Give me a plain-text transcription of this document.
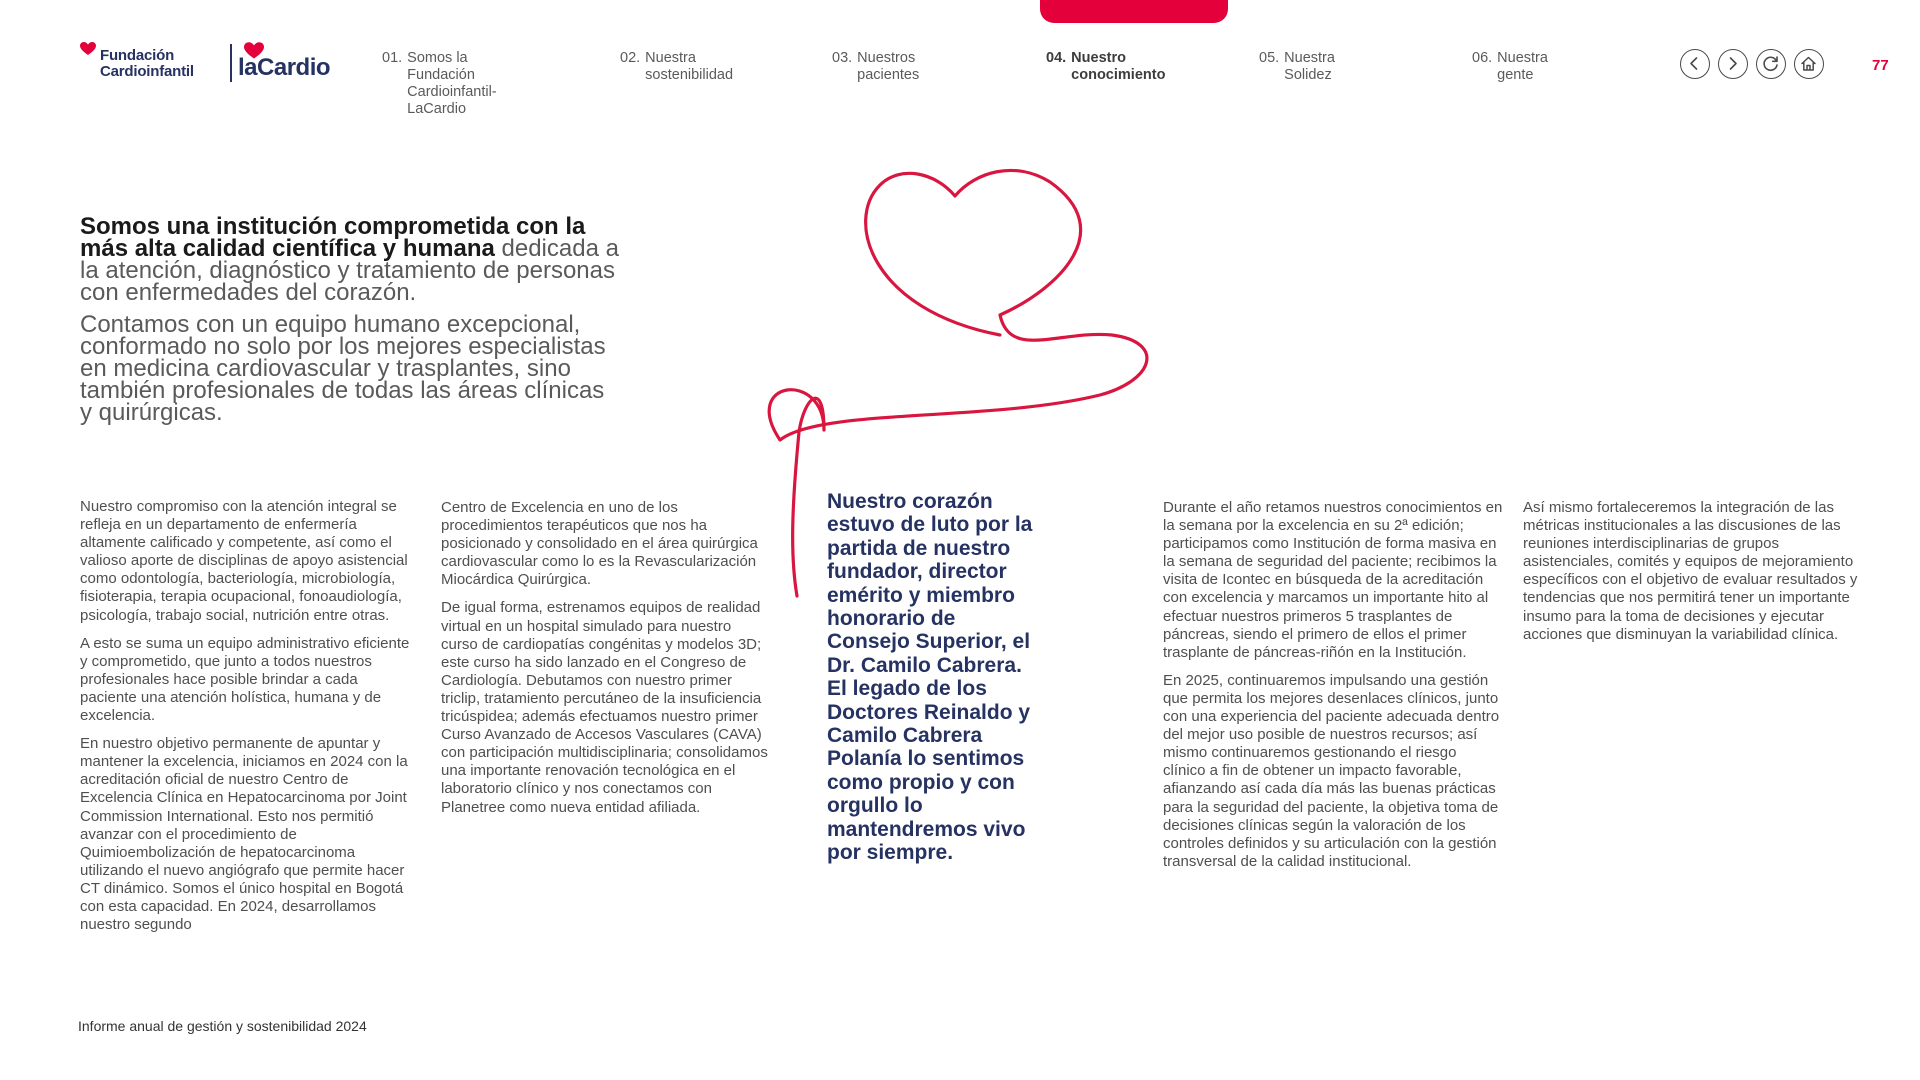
Fundación
Cardioinfantil laCardio	01. Somos la Fundación
Cardioinfantil-LaCardio
02. Nuestra sostenibilidad
03. Nuestros pacientes
04. Nuestro conocimiento
05. Nuestra Solidez
06. Nuestra gente
77

Somos una institución comprometida con la más alta calidad científica y humana dedicada a la atención, diagnóstico y tratamiento de personas con enfermedades del corazón.

Contamos con un equipo humano excepcional, conformado no solo por los mejores especialistas en medicina cardiovascular y trasplantes, sino también profesionales de todas las áreas clínicas y quirúrgicas.

Nuestro compromiso con la atención integral se refleja en un departamento de enfermería altamente calificado y competente, así como el valioso aporte de disciplinas de apoyo asistencial como odontología, bacteriología, microbiología, fisioterapia, terapia ocupacional, fonoaudiología, psicología, trabajo social, nutrición entre otras.

A esto se suma un equipo administrativo eficiente y comprometido, que junto a todos nuestros profesionales hace posible brindar a cada paciente una atención holística, humana y de excelencia.

En nuestro objetivo permanente de apuntar y mantener la excelencia, iniciamos en 2024 con la acreditación oficial de nuestro Centro de Excelencia Clínica en Hepatocarcinoma por Joint Commission International. Esto nos permitió avanzar con el procedimiento de Quimioembolización de hepatocarcinoma utilizando el nuevo angiógrafo que permite hacer CT dinámico. Somos el único hospital en Bogotá con esta capacidad. En 2024, desarrollamos nuestro segundo

Centro de Excelencia en uno de los procedimientos terapéuticos que nos ha posicionado y consolidado en el área quirúrgica cardiovascular como lo es la Revascularización Miocárdica Quirúrgica.

De igual forma, estrenamos equipos de realidad virtual en un hospital simulado para nuestro curso de cardiopatías congénitas y modelos 3D; este curso ha sido lanzado en el Congreso de Cardiología. Debutamos con nuestro primer triclip, tratamiento percutáneo de la insuficiencia tricúspidea; además efectuamos nuestro primer Curso Avanzado de Accesos Vasculares (CAVA) con participación multidisciplinaria; consolidamos una importante renovación tecnológica en el laboratorio clínico y nos conectamos con Planetree como nueva entidad afiliada.

Nuestro corazón estuvo de luto por la partida de nuestro fundador, director emérito y miembro honorario de Consejo Superior, el Dr. Camilo Cabrera. El legado de los Doctores Reinaldo y Camilo Cabrera Polanía lo sentimos como propio y con orgullo lo mantendremos vivo por siempre.

Durante el año retamos nuestros conocimientos en la semana por la excelencia en su 2ª edición; participamos como Institución de forma masiva en la semana de seguridad del paciente; recibimos la visita de Icontec en búsqueda de la acreditación con excelencia y marcamos un importante hito al efectuar nuestros primeros 5 trasplantes de páncreas, siendo el primero de ellos el primer trasplante de páncreas-riñón en la Institución.

En 2025, continuaremos impulsando una gestión que permita los mejores desenlaces clínicos, junto con una experiencia del paciente adecuada dentro del mejor uso posible de nuestros recursos; así mismo continuaremos gestionando el riesgo clínico a fin de obtener un impacto favorable, afianzando así cada día más las buenas prácticas para la seguridad del paciente, la objetiva toma de decisiones clínicas según la valoración de los controles definidos y su articulación con la gestión transversal de la calidad institucional.

Así mismo fortaleceremos la integración de las métricas institucionales a las discusiones de las reuniones interdisciplinarias de grupos asistenciales, comités y equipos de mejoramiento específicos con el objetivo de evaluar resultados y tendencias que nos permitirá tener un importante insumo para la toma de decisiones y ejecutar acciones que disminuyan la variabilidad clínica.

Informe anual de gestión y sostenibilidad 2024
